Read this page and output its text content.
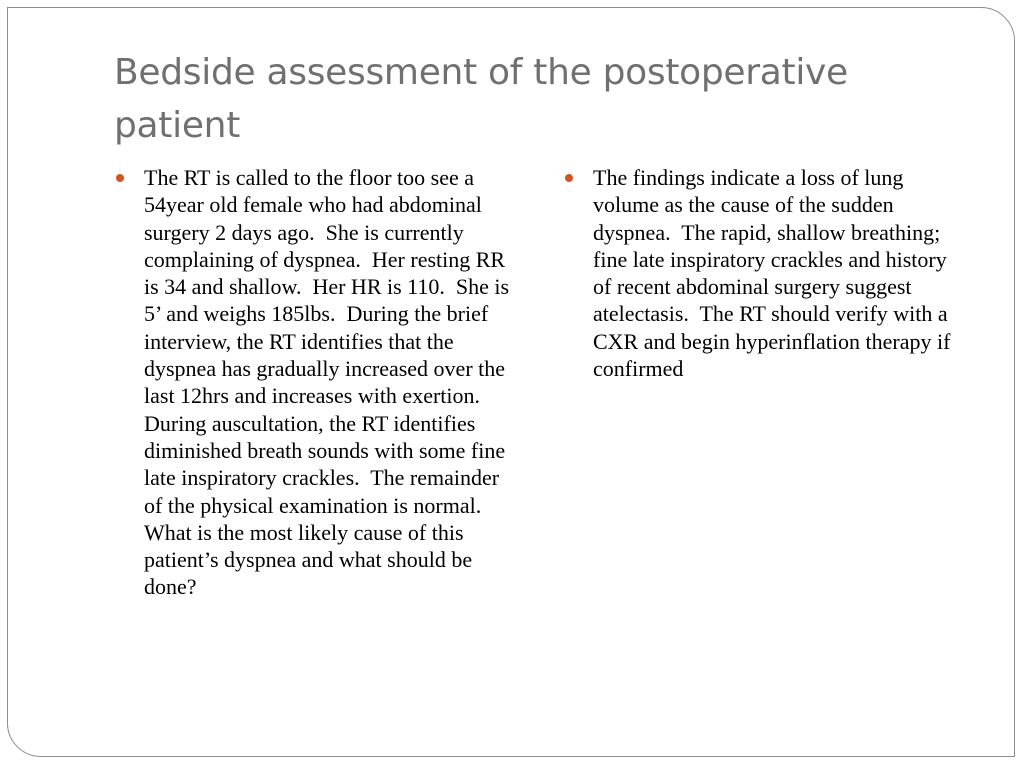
Bedside assessment of the postoperative patient
The RT is called to the floor too see a 54year old female who had abdominal surgery 2 days ago.  She is currently complaining of dyspnea.  Her resting RR is 34 and shallow.  Her HR is 110.  She is 5’ and weighs 185lbs.  During the brief interview, the RT identifies that the dyspnea has gradually increased over the last 12hrs and increases with exertion.  During auscultation, the RT identifies diminished breath sounds with some fine late inspiratory crackles.  The remainder of the physical examination is normal.  What is the most likely cause of this patient’s dyspnea and what should be done?
The findings indicate a loss of lung volume as the cause of the sudden dyspnea.  The rapid, shallow breathing; fine late inspiratory crackles and history of recent abdominal surgery suggest atelectasis.  The RT should verify with a CXR and begin hyperinflation therapy if confirmed
